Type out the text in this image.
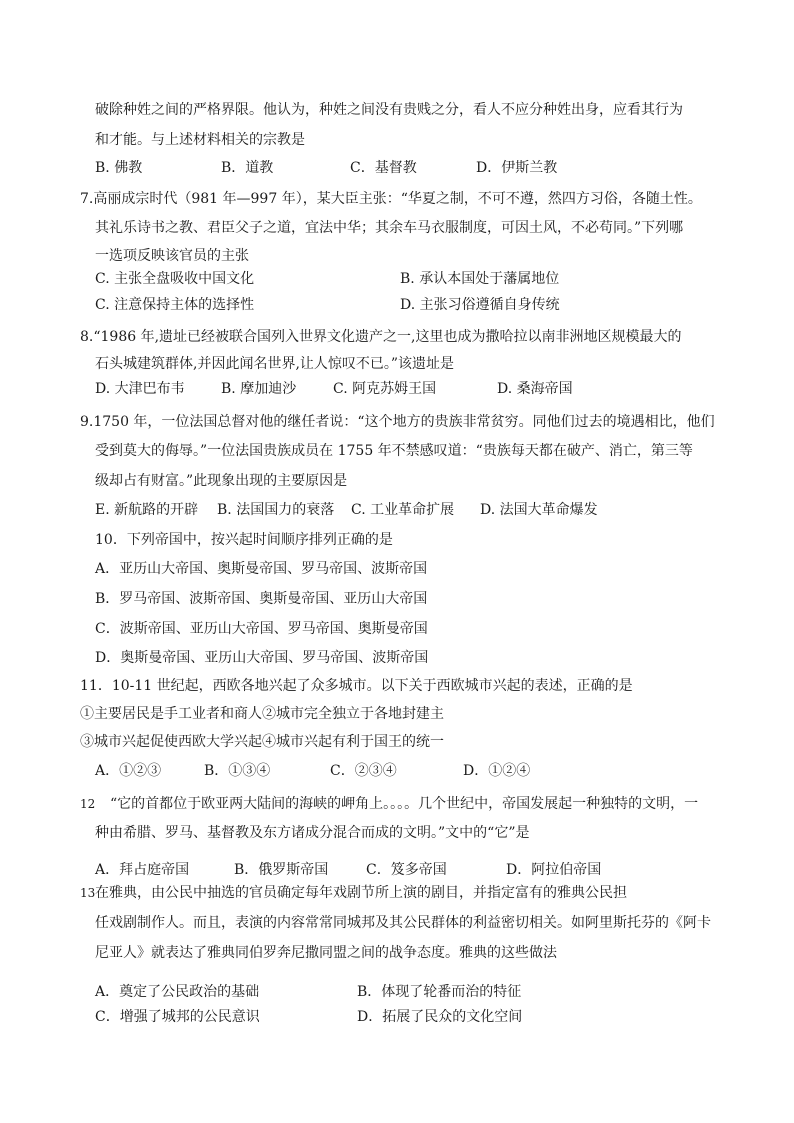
破除种姓之间的严格界限。他认为，种姓之间没有贵贱之分，看人不应分种姓出身，应看其行为
和才能。与上述材料相关的宗教是
B. 佛教	B．道教	C．基督教	D．伊斯兰教
7.高丽成宗时代（981 年—997 年），某大臣主张：“华夏之制，不可不遵，然四方习俗，各随土性。
其礼乐诗书之教、君臣父子之道，宜法中华；其余车马衣服制度，可因土风，不必苟同。”下列哪
一选项反映该官员的主张
C. 主张全盘吸收中国文化	B. 承认本国处于藩属地位
C. 注意保持主体的选择性	D. 主张习俗遵循自身传统
8.“1986 年,遗址已经被联合国列入世界文化遗产之一,这里也成为撒哈拉以南非洲地区规模最大的
石头城建筑群体,并因此闻名世界,让人惊叹不已。”该遗址是
D. 大津巴布韦	B. 摩加迪沙	C. 阿克苏姆王国	D. 桑海帝国
9.1750 年，一位法国总督对他的继任者说：“这个地方的贵族非常贫穷。同他们过去的境遇相比，他们
受到莫大的侮辱。”一位法国贵族成员在 1755 年不禁感叹道：“贵族每天都在破产、消亡，第三等
级却占有财富。”此现象出现的主要原因是
E. 新航路的开辟 B. 法国国力的衰落 C. 工业革命扩展 D. 法国大革命爆发
10．下列帝国中，按兴起时间顺序排列正确的是
A．亚历山大帝国、奥斯曼帝国、罗马帝国、波斯帝国
B．罗马帝国、波斯帝国、奥斯曼帝国、亚历山大帝国
C．波斯帝国、亚历山大帝国、罗马帝国、奥斯曼帝国
D．奥斯曼帝国、亚历山大帝国、罗马帝国、波斯帝国
11．10-11 世纪起，西欧各地兴起了众多城市。以下关于西欧城市兴起的表述，正确的是
①主要居民是手工业者和商人②城市完全独立于各地封建主
③城市兴起促使西欧大学兴起④城市兴起有利于国王的统一
A．①②③	B．①③④	C．②③④	D．①②④
12 “它的首都位于欧亚两大陆间的海峡的岬角上。。。。几个世纪中，帝国发展起一种独特的文明，一
种由希腊、罗马、基督教及东方诸成分混合而成的文明。”文中的“它”是
A．拜占庭帝国	B．俄罗斯帝国	C．笈多帝国	D．阿拉伯帝国
13 在雅典，由公民中抽选的官员确定每年戏剧节所上演的剧目，并指定富有的雅典公民担
任戏剧制作人。而且，表演的内容常常同城邦及其公民群体的利益密切相关。如阿里斯托芬的《阿卡
尼亚人》就表达了雅典同伯罗奔尼撒同盟之间的战争态度。雅典的这些做法
A．奠定了公民政治的基础	B．体现了轮番而治的特征
C．增强了城邦的公民意识	D．拓展了民众的文化空间
